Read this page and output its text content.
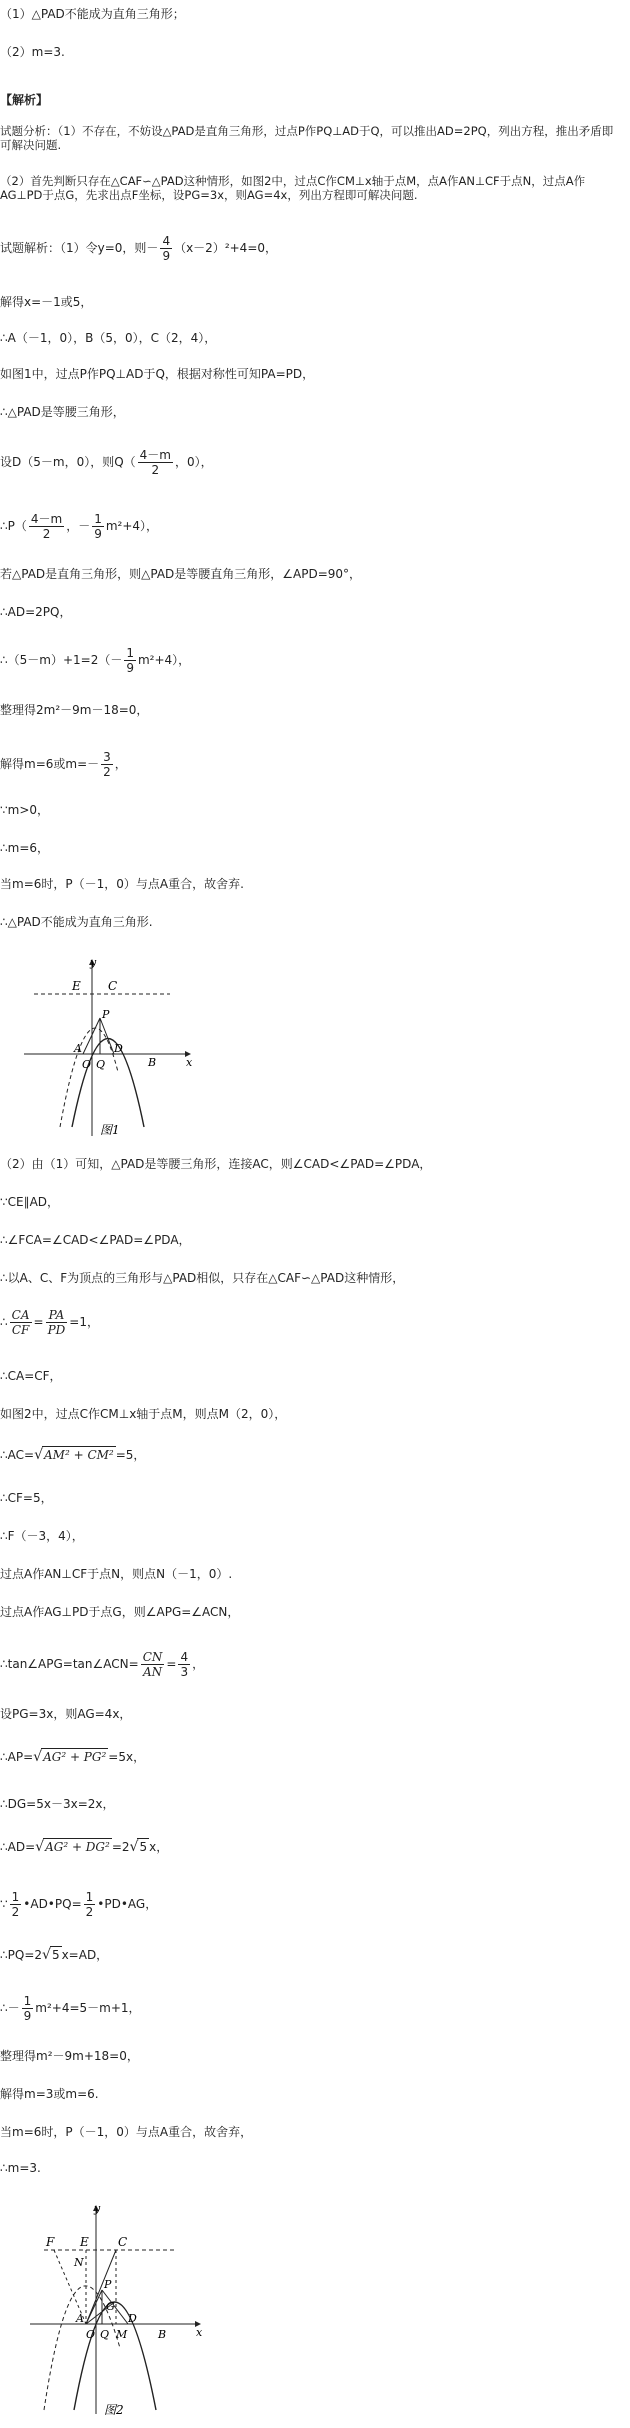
（1）△PAD不能成为直角三角形；
（2）m=3.
【解析】
试题分析：（1）不存在，不妨设△PAD是直角三角形，过点P作PQ⊥AD于Q，可以推出AD=2PQ，列出方程，推出矛盾即可解决问题.
（2）首先判断只存在△CAF∽△PAD这种情形，如图2中，过点C作CM⊥x轴于点M，点A作AN⊥CF于点N，过点A作AG⊥PD于点G，先求出点F坐标，设PG=3x，则AG=4x，列出方程即可解决问题.
试题解析：（1）令y=0，则－ $\frac{4}{9} (x-2)^2+4=0$，
解得x=－1或5，
∴A（－1，0），B（5，0），C（2，4），
如图1中，过点P作PQ⊥AD于Q，根据对称性可知PA=PD，
∴△PAD是等腰三角形，
设D（5－m，0），则$Q( \frac{4-m}{2}$ ，0），
∴P（ $\frac{4-m}{2}$ ，－ $\frac{1}{9} m^2+4$），
若△PAD是直角三角形，则△PAD是等腰直角三角形，∠APD=90°，
∴AD=2PQ，
∴（5－m）+1=2（－ $\frac{1}{9} m^2+4$），
整理得2m²－9m－18=0，
解得m=6或$m=- \frac{3}{2}$ ，
∵m>0，
∴m=6，
当m=6时，P（－1，0）与点A重合，故舍弃.
∴△PAD不能成为直角三角形.
y
x
E C
P
A
O Q
D
B
图1
（2）由（1）可知，△PAD是等腰三角形，连接AC，则∠CAD<∠PAD=∠PDA，
∵CE∥AD，
∴∠FCA=∠CAD<∠PAD=∠PDA，
∴以A、C、F为顶点的三角形与△PAD相似，只存在△CAF∽△PAD这种情形，
∴ $\frac{CA}{CF} = \frac{PA}{PD} =1$，
∴CA=CF，
如图2中，过点C作CM⊥x轴于点M，则点M（2，0），
∴AC=√AM² + CM² =5，
∴CF=5，
∴F（－3，4），
过点A作AN⊥CF于点N，则点N（－1，0）.
过点A作AG⊥PD于点G，则∠APG=∠ACN，
∴tan∠APG=tan∠ACN= $\frac{CN}{AN} = \frac{4}{3}$ ，
设PG=3x，则AG=4x，
∴AP=√AG² + PG² =5x，
∴DG=5x－3x=2x，
∴AD=√AG² + DG² =2√5 x，
∵ $\frac{1}{2}$ •AD•PQ= $\frac{1}{2}$ •PD•AG，
∴PQ=2√5 x=AD，
∴－ $\frac{1}{9} m^2+4=5-m+1$，
整理得m²－9m+18=0，
解得m=3或m=6.
当m=6时，P（－1，0）与点A重合，故舍弃，
∴m=3.
y
x
F E C
N
P
G
A
O Q M
D
B
图2
